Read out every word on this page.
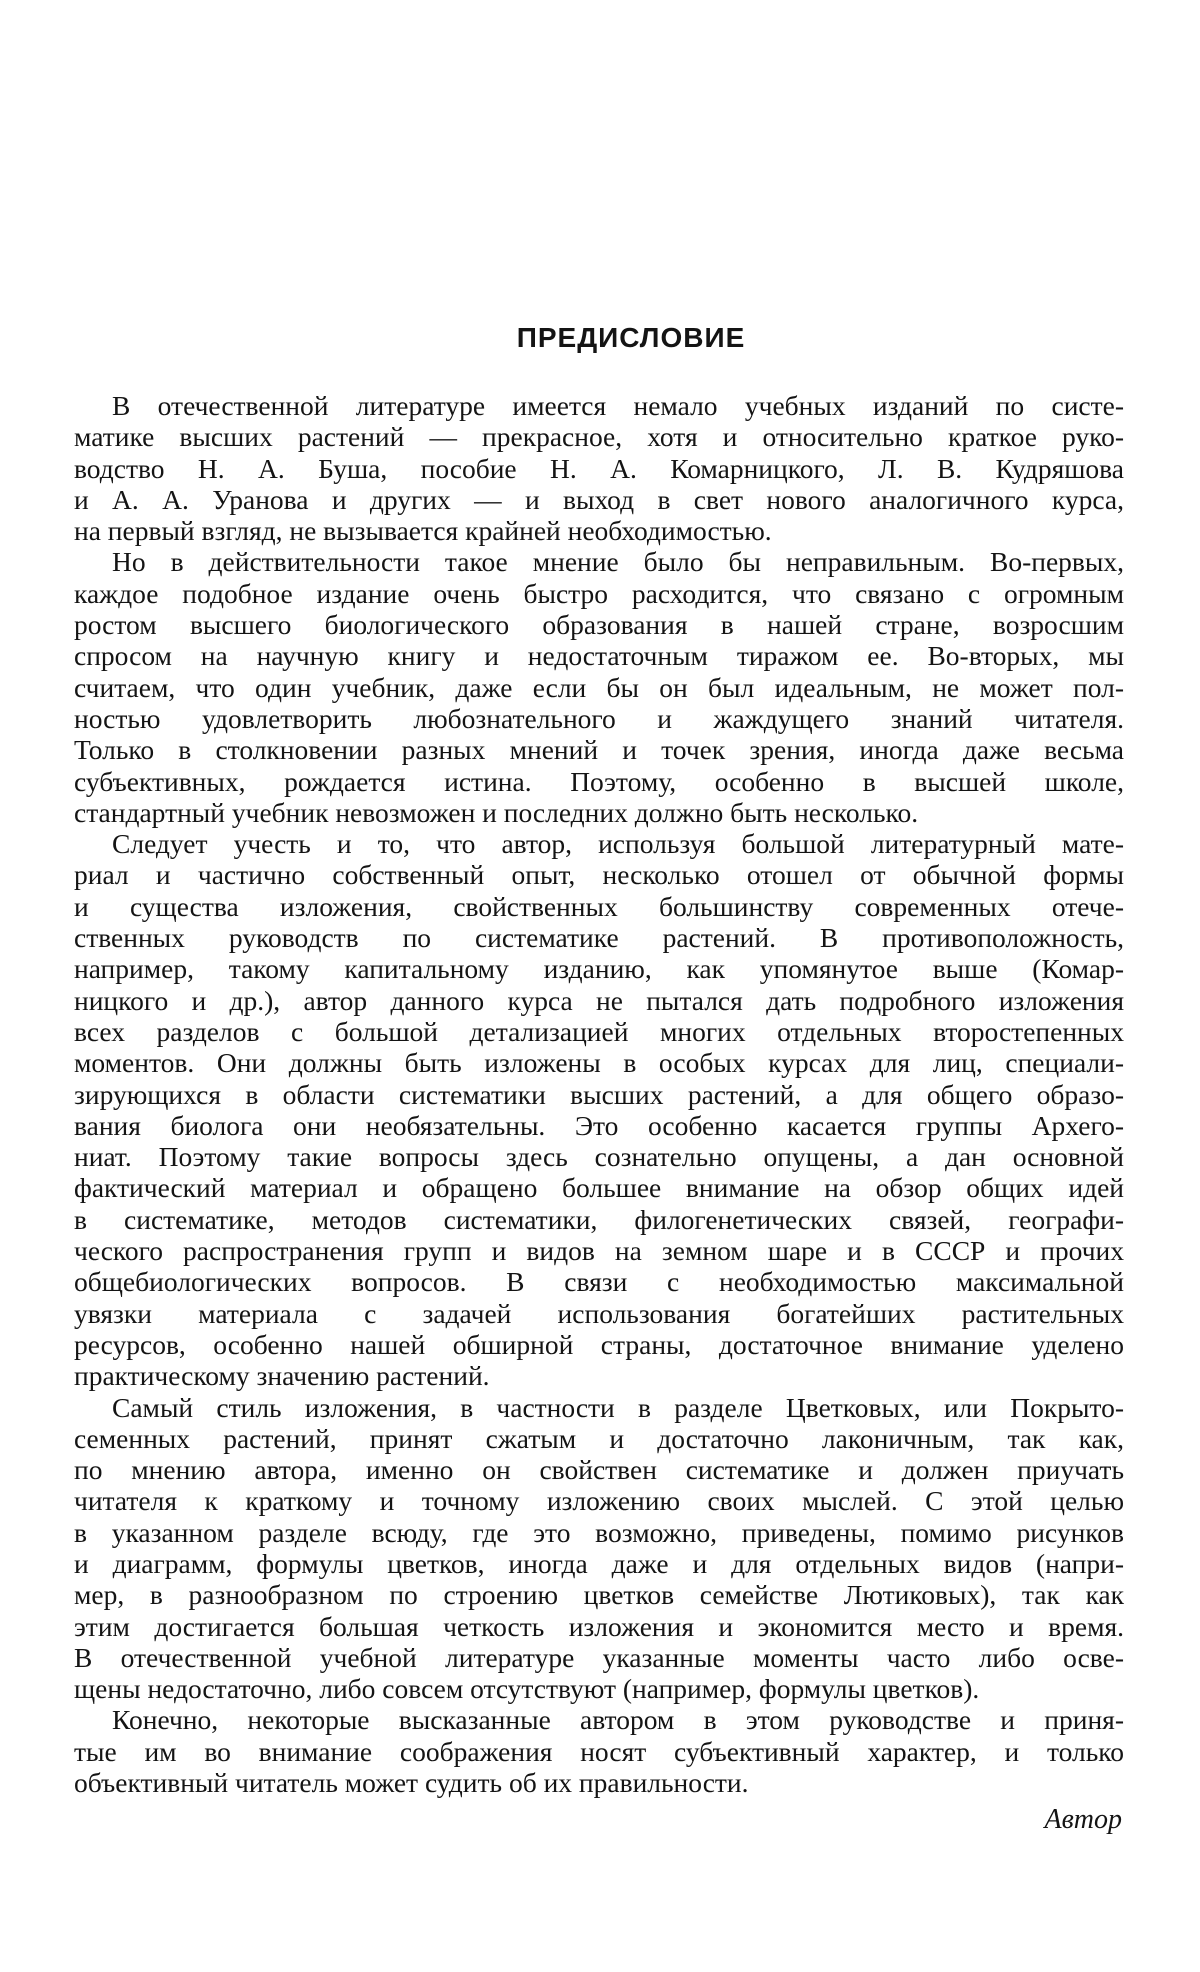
ПРЕДИСЛОВИЕ
В отечественной литературе имеется немало учебных изданий по систе-
матике высших растений — прекрасное, хотя и относительно краткое руко-
водство Н. А. Буша, пособие Н. А. Комарницкого, Л. В. Кудряшова
и А. А. Уранова и других — и выход в свет нового аналогичного курса,
на первый взгляд, не вызывается крайней необходимостью.
Но в действительности такое мнение было бы неправильным. Во-первых,
каждое подобное издание очень быстро расходится, что связано с огромным
ростом высшего биологического образования в нашей стране, возросшим
спросом на научную книгу и недостаточным тиражом ее. Во-вторых, мы
считаем, что один учебник, даже если бы он был идеальным, не может пол-
ностью удовлетворить любознательного и жаждущего знаний читателя.
Только в столкновении разных мнений и точек зрения, иногда даже весьма
субъективных, рождается истина. Поэтому, особенно в высшей школе,
стандартный учебник невозможен и последних должно быть несколько.
Следует учесть и то, что автор, используя большой литературный мате-
риал и частично собственный опыт, несколько отошел от обычной формы
и существа изложения, свойственных большинству современных отече-
ственных руководств по систематике растений. В противоположность,
например, такому капитальному изданию, как упомянутое выше (Комар-
ницкого и др.), автор данного курса не пытался дать подробного изложения
всех разделов с большой детализацией многих отдельных второстепенных
моментов. Они должны быть изложены в особых курсах для лиц, специали-
зирующихся в области систематики высших растений, а для общего образо-
вания биолога они необязательны. Это особенно касается группы Архего-
ниат. Поэтому такие вопросы здесь сознательно опущены, а дан основной
фактический материал и обращено большее внимание на обзор общих идей
в систематике, методов систематики, филогенетических связей, географи-
ческого распространения групп и видов на земном шаре и в СССР и прочих
общебиологических вопросов. В связи с необходимостью максимальной
увязки материала с задачей использования богатейших растительных
ресурсов, особенно нашей обширной страны, достаточное внимание уделено
практическому значению растений.
Самый стиль изложения, в частности в разделе Цветковых, или Покрыто-
семенных растений, принят сжатым и достаточно лаконичным, так как,
по мнению автора, именно он свойствен систематике и должен приучать
читателя к краткому и точному изложению своих мыслей. С этой целью
в указанном разделе всюду, где это возможно, приведены, помимо рисунков
и диаграмм, формулы цветков, иногда даже и для отдельных видов (напри-
мер, в разнообразном по строению цветков семействе Лютиковых), так как
этим достигается большая четкость изложения и экономится место и время.
В отечественной учебной литературе указанные моменты часто либо осве-
щены недостаточно, либо совсем отсутствуют (например, формулы цветков).
Конечно, некоторые высказанные автором в этом руководстве и приня-
тые им во внимание соображения носят субъективный характер, и только
объективный читатель может судить об их правильности.
Автор
